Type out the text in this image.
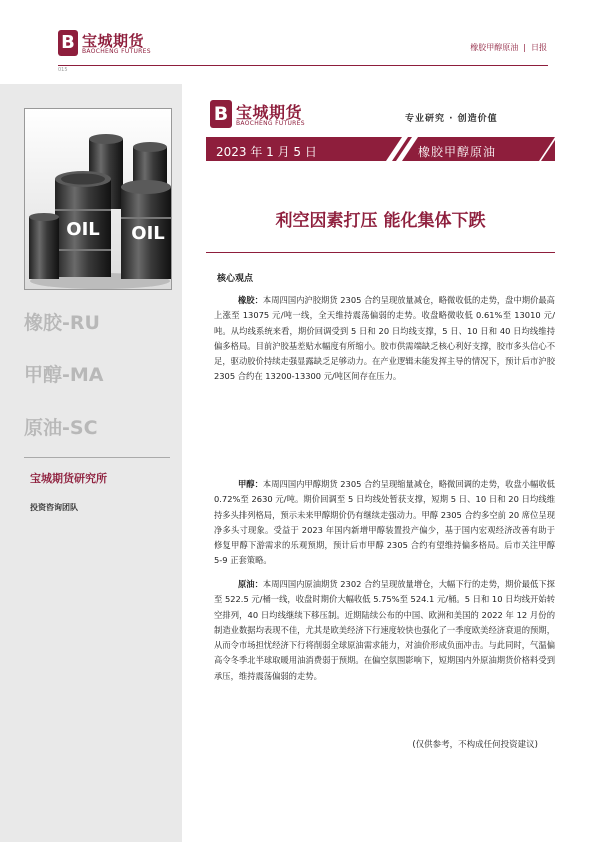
B 宝城期货
BAOCHENG FUTURES	橡胶甲醇原油 | 日报
015
OIL OIL
橡胶-RU
甲醇-MA
原油-SC
宝城期货研究所
投资咨询团队
B 宝城期货
BAOCHENG FUTURES	专业研究 · 创造价值
2023 年 1 月 5 日	橡胶甲醇原油
利空因素打压 能化集体下跌
核心观点
橡胶：本周四国内沪胶期货 2305 合约呈现放量减仓，略微收低的走势，盘中期价最高上涨至 13075 元/吨一线，全天维持震荡偏弱的走势。收盘略微收低 0.61%至 13010 元/吨。从均线系统来看，期价回调受到 5 日和 20 日均线支撑，5 日、10 日和 40 日均线维持偏多格局。目前沪胶基差贴水幅度有所缩小。胶市供需端缺乏核心利好支撑，胶市多头信心不足，驱动胶价持续走强显露缺乏足够动力。在产业逻辑未能发挥主导的情况下，预计后市沪胶 2305 合约在 13200-13300 元/吨区间存在压力。
甲醇：本周四国内甲醇期货 2305 合约呈现缩量减仓，略微回调的走势，收盘小幅收低 0.72%至 2630 元/吨。期价回调至 5 日均线处暂获支撑，短期 5 日、10 日和 20 日均线维持多头排列格局，预示未来甲醇期价仍有继续走强动力。甲醇 2305 合约多空前 20 席位呈现净多头寸现象。受益于 2023 年国内新增甲醇装置投产偏少，基于国内宏观经济改善有助于修复甲醇下游需求的乐观预期，预计后市甲醇 2305 合约有望维持偏多格局。后市关注甲醇 5-9 正套策略。
原油：本周四国内原油期货 2302 合约呈现放量增仓，大幅下行的走势，期价最低下探至 522.5 元/桶一线，收盘时期价大幅收低 5.75%至 524.1 元/桶。5 日和 10 日均线开始转空排列，40 日均线继续下移压制。近期陆续公布的中国、欧洲和美国的 2022 年 12 月份的制造业数据均表现不佳，尤其是欧美经济下行速度较快也强化了一季度欧美经济衰退的预期，从而令市场担忧经济下行将削弱全球原油需求能力，对油价形成负面冲击。与此同时，气温偏高令冬季北半球取暖用油消费弱于预期。在偏空氛围影响下，短期国内外原油期货价格料受到承压，维持震荡偏弱的走势。
(仅供参考，不构成任何投资建议)
